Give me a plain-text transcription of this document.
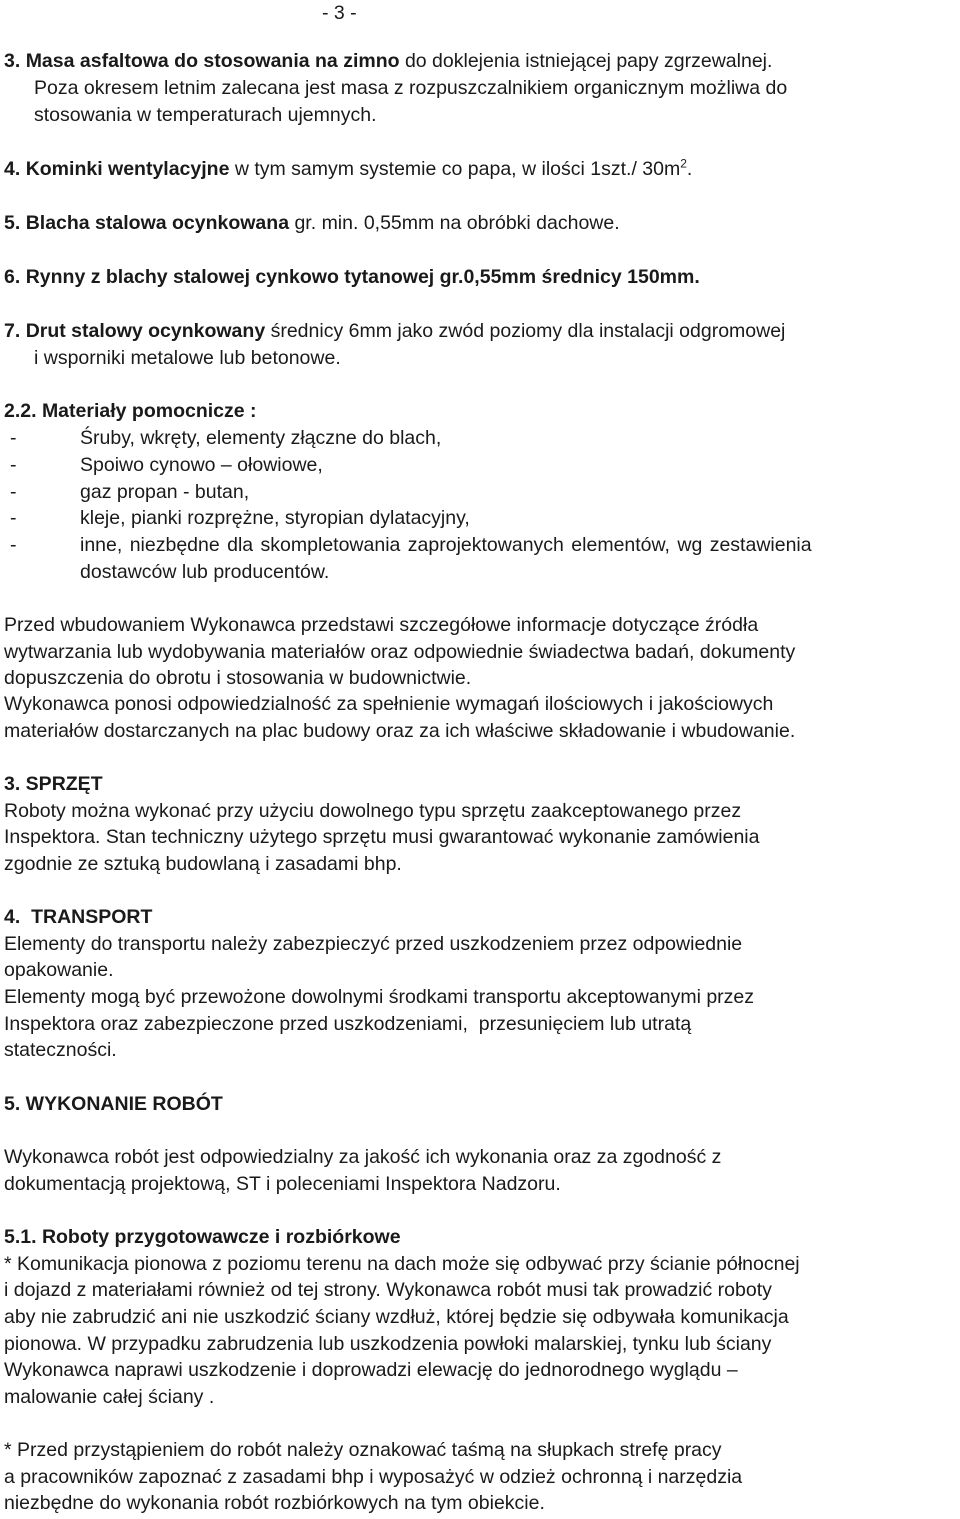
- 3 -
3. Masa asfaltowa do stosowania na zimno do doklejenia istniejącej papy zgrzewalnej.
Poza okresem letnim zalecana jest masa z rozpuszczalnikiem organicznym możliwa do
stosowania w temperaturach ujemnych.
4. Kominki wentylacyjne w tym samym systemie co papa, w ilości 1szt./ $30m^2$.
5. Blacha stalowa ocynkowana gr. min. 0,55mm na obróbki dachowe.
6. Rynny z blachy stalowej cynkowo tytanowej gr.0,55mm średnicy 150mm.
7. Drut stalowy ocynkowany średnicy 6mm jako zwód poziomy dla instalacji odgromowej
i wsporniki metalowe lub betonowe.
2.2. Materiały pomocnicze :
-	Śruby, wkręty, elementy złączne do blach,
-	Spoiwo cynowo – ołowiowe,
-	gaz propan - butan,
-	kleje, pianki rozprężne, styropian dylatacyjny,
-	inne, niezbędne dla skompletowania zaprojektowanych elementów, wg zestawienia
dostawców lub producentów.
Przed wbudowaniem Wykonawca przedstawi szczegółowe informacje dotyczące źródła
wytwarzania lub wydobywania materiałów oraz odpowiednie świadectwa badań, dokumenty
dopuszczenia do obrotu i stosowania w budownictwie.
Wykonawca ponosi odpowiedzialność za spełnienie wymagań ilościowych i jakościowych
materiałów dostarczanych na plac budowy oraz za ich właściwe składowanie i wbudowanie.
3. SPRZĘT
Roboty można wykonać przy użyciu dowolnego typu sprzętu zaakceptowanego przez
Inspektora. Stan techniczny użytego sprzętu musi gwarantować wykonanie zamówienia
zgodnie ze sztuką budowlaną i zasadami bhp.
4.  TRANSPORT
Elementy do transportu należy zabezpieczyć przed uszkodzeniem przez odpowiednie
opakowanie.
Elementy mogą być przewożone dowolnymi środkami transportu akceptowanymi przez
Inspektora oraz zabezpieczone przed uszkodzeniami,  przesunięciem lub utratą
stateczności.
5. WYKONANIE ROBÓT
Wykonawca robót jest odpowiedzialny za jakość ich wykonania oraz za zgodność z
dokumentacją projektową, ST i poleceniami Inspektora Nadzoru.
5.1. Roboty przygotowawcze i rozbiórkowe
* Komunikacja pionowa z poziomu terenu na dach może się odbywać przy ścianie północnej
i dojazd z materiałami również od tej strony. Wykonawca robót musi tak prowadzić roboty
aby nie zabrudzić ani nie uszkodzić ściany wzdłuż, której będzie się odbywała komunikacja
pionowa. W przypadku zabrudzenia lub uszkodzenia powłoki malarskiej, tynku lub ściany
Wykonawca naprawi uszkodzenie i doprowadzi elewację do jednorodnego wyglądu –
malowanie całej ściany .
* Przed przystąpieniem do robót należy oznakować taśmą na słupkach strefę pracy
a pracowników zapoznać z zasadami bhp i wyposażyć w odzież ochronną i narzędzia
niezbędne do wykonania robót rozbiórkowych na tym obiekcie.
